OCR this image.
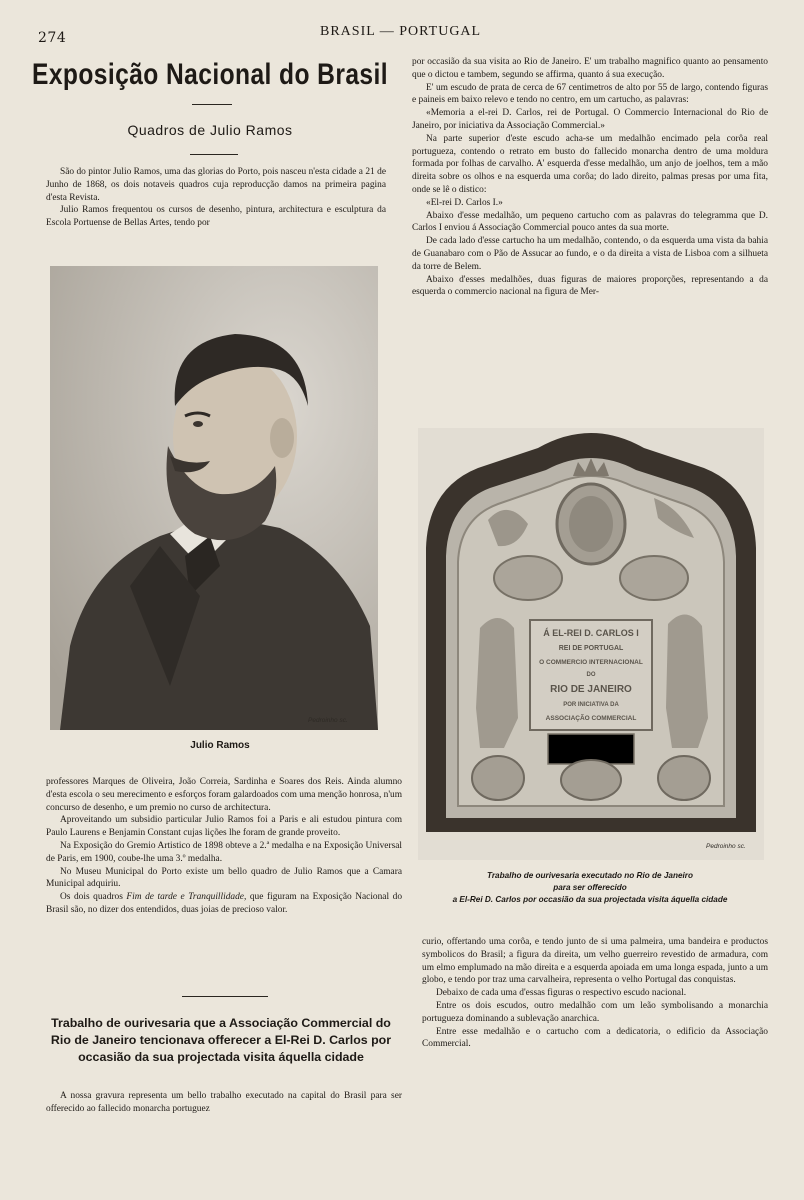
274	BRASIL — PORTUGAL
Exposição Nacional do Brasil
Quadros de Julio Ramos

São do pintor Julio Ramos, uma das glorias do Porto, pois nasceu n'esta cidade a 21 de Junho de 1868, os dois notaveis quadros cuja reproducção damos na primeira pagina d'esta Revista.

Julio Ramos frequentou os cursos de desenho, pintura, architectura e esculptura da Escola Portuense de Bellas Artes, tendo por

Pedroinho sc.
Julio Ramos

professores Marques de Oliveira, João Correia, Sardinha e Soares dos Reis. Ainda alumno d'esta escola o seu merecimento e esforços foram galardoados com uma menção honrosa, n'um concurso de desenho, e um premio no curso de architectura.

Aproveitando um subsidio particular Julio Ramos foi a Paris e ali estudou pintura com Paulo Laurens e Benjamin Constant cujas lições lhe foram de grande proveito.

Na Exposição do Gremio Artistico de 1898 obteve a 2.ª medalha e na Exposição Universal de Paris, em 1900, coube-lhe uma 3.º medalha.

No Museu Municipal do Porto existe um bello quadro de Julio Ramos que a Camara Municipal adquiriu.

Os dois quadros Fim de tarde e Tranquillidade, que figuram na Exposição Nacional do Brasil são, no dizer dos entendidos, duas joias de precioso valor.

Trabalho de ourivesaria que a Associação Commercial do Rio de Janeiro tencionava offerecer a El-Rei D. Carlos por occasião da sua projectada visita áquella cidade

A nossa gravura representa um bello trabalho executado na capital do Brasil para ser offerecido ao fallecido monarcha portuguez

por occasião da sua visita ao Rio de Janeiro. E' um trabalho magnifico quanto ao pensamento que o dictou e tambem, segundo se affirma, quanto á sua execução.

E' um escudo de prata de cerca de 67 centimetros de alto por 55 de largo, contendo figuras e paineis em baixo relevo e tendo no centro, em um cartucho, as palavras:

«Memoria a el-rei D. Carlos, rei de Portugal. O Commercio Internacional do Rio de Janeiro, por iniciativa da Associação Commercial.»

Na parte superior d'este escudo acha-se um medalhão encimado pela corôa real portugueza, contendo o retrato em busto do fallecido monarcha dentro de uma moldura formada por folhas de carvalho. A' esquerda d'esse medalhão, um anjo de joelhos, tem a mão direita sobre os olhos e na esquerda uma corôa; do lado direito, palmas presas por uma fita, onde se lê o distico:

«El-rei D. Carlos I.»

Abaixo d'esse medalhão, um pequeno cartucho com as palavras do telegramma que D. Carlos I enviou á Associação Commercial pouco antes da sua morte.

De cada lado d'esse cartucho ha um medalhão, contendo, o da esquerda uma vista da bahia de Guanabaro com o Pão de Assucar ao fundo, e o da direita a vista de Lisboa com a silhueta da torre de Belem.

Abaixo d'esses medalhões, duas figuras de maiores proporções, representando a da esquerda o commercio nacional na figura de Mer-

Á EL-REI D. CARLOS I
REI DE PORTUGAL
O COMMERCIO INTERNACIONAL
DO
RIO DE JANEIRO
POR INICIATIVA DA
ASSOCIAÇÃO COMMERCIAL
Pedroinho sc.
Trabalho de ourivesaria executado no Rio de Janeiro
para ser offerecido
a El-Rei D. Carlos por occasião da sua projectada visita áquella cidade

curio, offertando uma corôa, e tendo junto de si uma palmeira, uma bandeira e productos symbolicos do Brasil; a figura da direita, um velho guerreiro revestido de armadura, com um elmo emplumado na mão direita e a esquerda apoiada em uma longa espada, junto a um globo, e tendo por traz uma carvalheira, representa o velho Portugal das conquistas.

Debaixo de cada uma d'essas figuras o respectivo escudo nacional.

Entre os dois escudos, outro medalhão com um leão symbolisando a monarchia portugueza dominando a sublevação anarchica.

Entre esse medalhão e o cartucho com a dedicatoria, o edificio da Associação Commercial.
